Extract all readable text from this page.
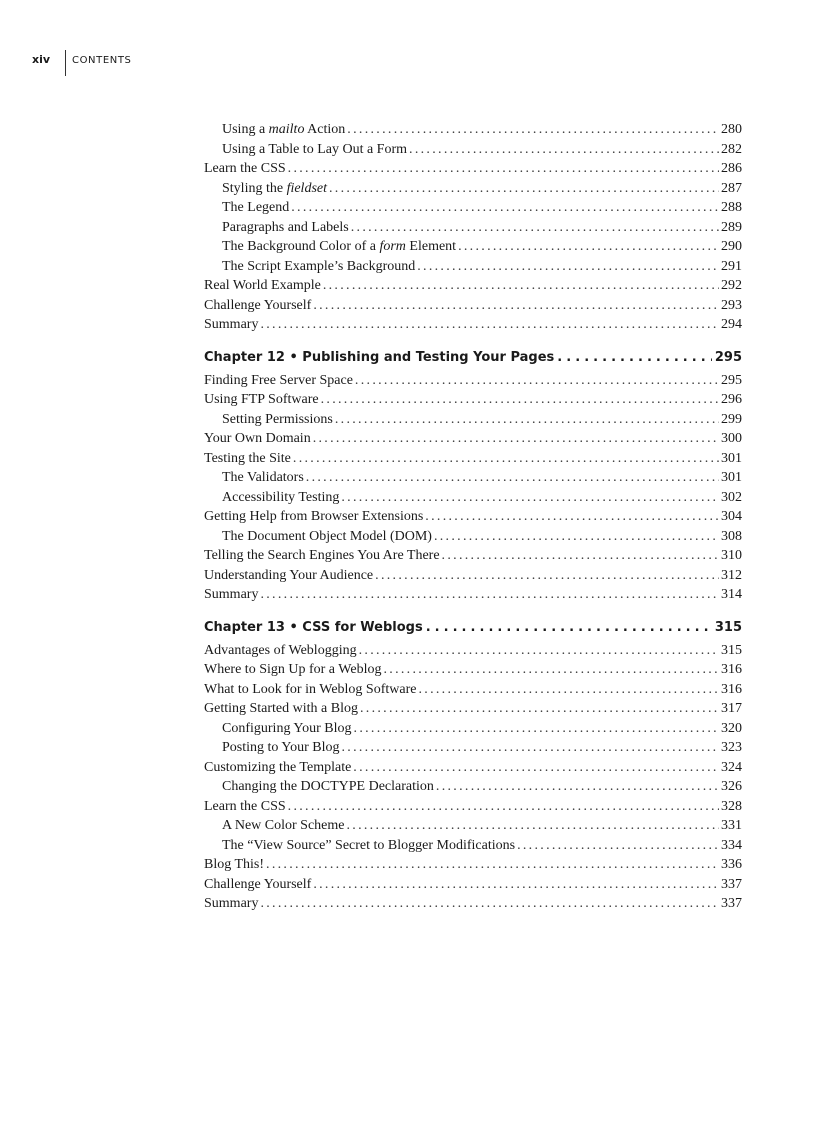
xiv	CONTENTS
Using a mailto Action . . .	280
Using a Table to Lay Out a Form . . .	282
Learn the CSS . . .	286
Styling the fieldset . . .	287
The Legend . . .	288
Paragraphs and Labels . . .	289
The Background Color of a form Element . . .	290
The Script Example’s Background . . .	291
Real World Example . . .	292
Challenge Yourself . . .	293
Summary . . .	294
Chapter 12 • Publishing and Testing Your Pages . . .	295
Finding Free Server Space . . .	295
Using FTP Software . . .	296
Setting Permissions . . .	299
Your Own Domain . . .	300
Testing the Site . . .	301
The Validators . . .	301
Accessibility Testing . . .	302
Getting Help from Browser Extensions . . .	304
The Document Object Model (DOM) . . .	308
Telling the Search Engines You Are There . . .	310
Understanding Your Audience . . .	312
Summary . . .	314
Chapter 13 • CSS for Weblogs . . .	315
Advantages of Weblogging . . .	315
Where to Sign Up for a Weblog . . .	316
What to Look for in Weblog Software . . .	316
Getting Started with a Blog . . .	317
Configuring Your Blog . . .	320
Posting to Your Blog . . .	323
Customizing the Template . . .	324
Changing the DOCTYPE Declaration . . .	326
Learn the CSS . . .	328
A New Color Scheme . . .	331
The “View Source” Secret to Blogger Modifications . . .	334
Blog This! . . .	336
Challenge Yourself . . .	337
Summary . . .	337
